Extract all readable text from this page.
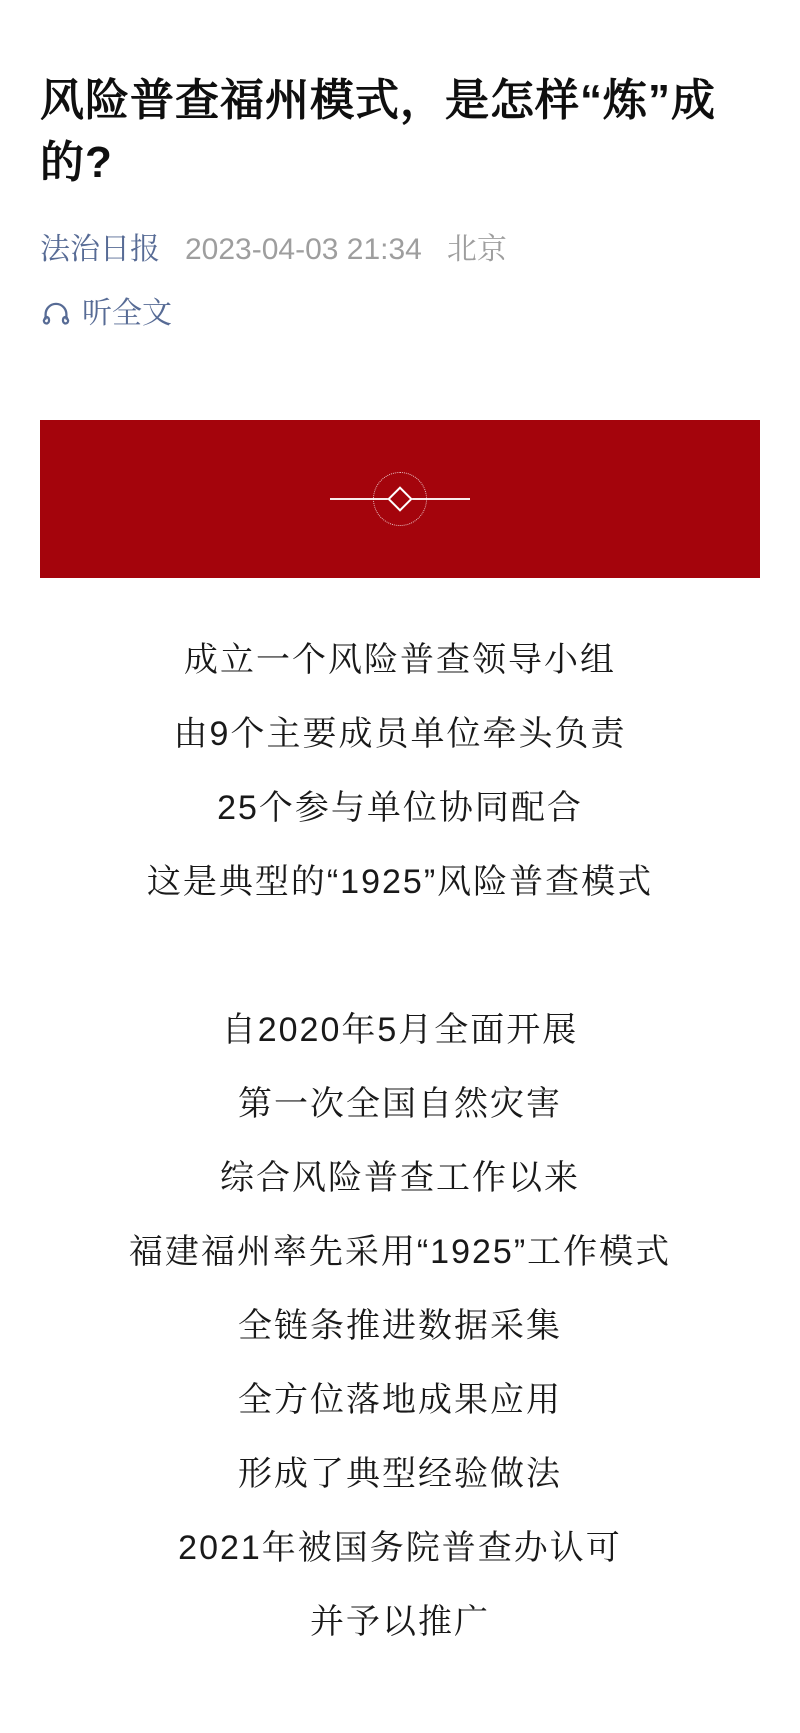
风险普查福州模式，是怎样“炼”成的?
法治日报 2023-04-03 21:34 北京
听全文

成立一个风险普查领导小组

由9个主要成员单位牵头负责

25个参与单位协同配合

这是典型的“1925”风险普查模式

自2020年5月全面开展

第一次全国自然灾害

综合风险普查工作以来

福建福州率先采用“1925”工作模式

全链条推进数据采集

全方位落地成果应用

形成了典型经验做法

2021年被国务院普查办认可

并予以推广
